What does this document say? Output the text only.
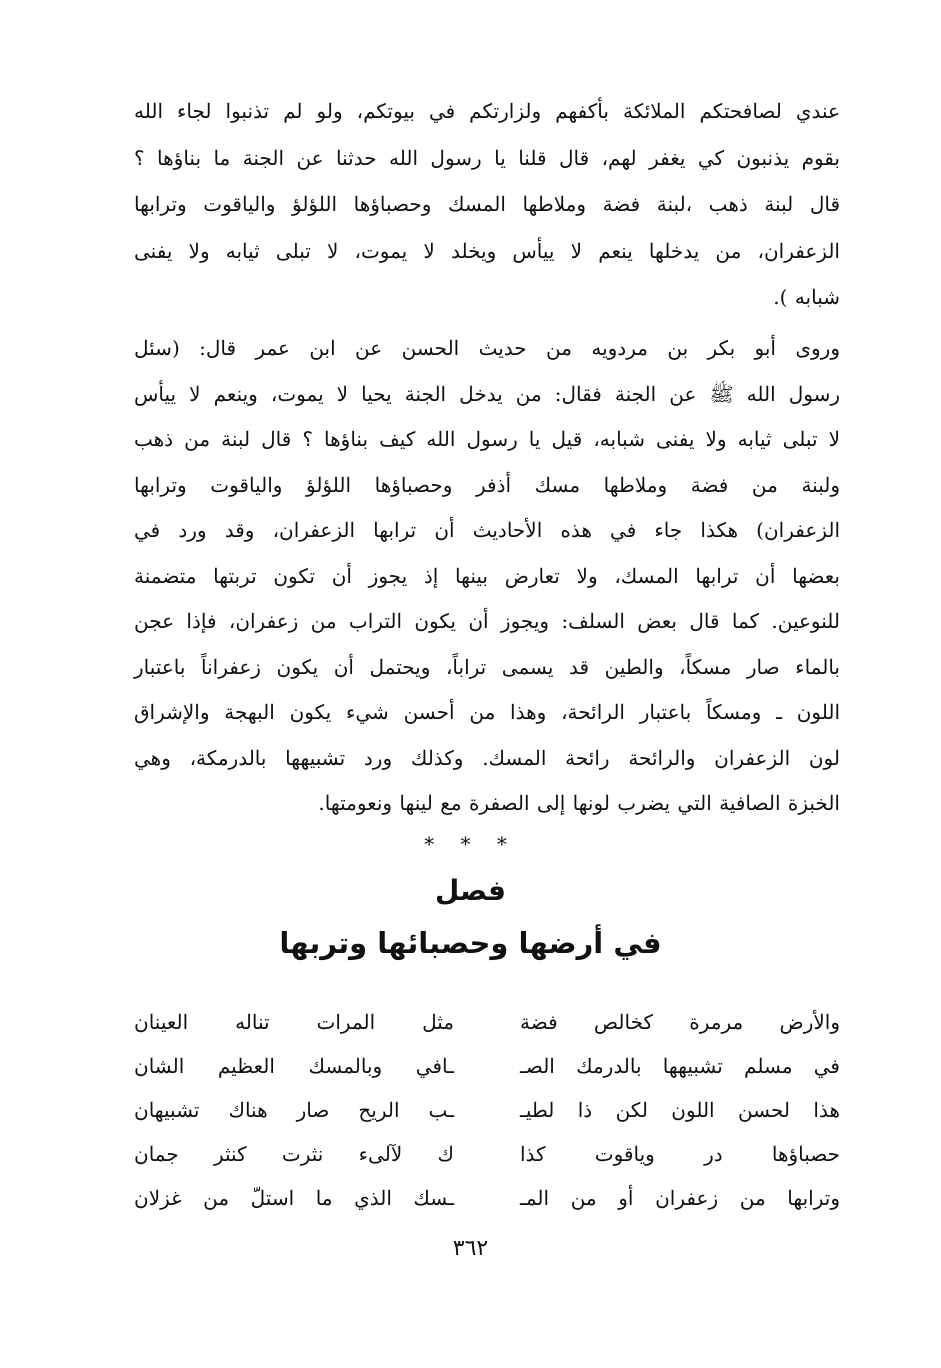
عندي لصافحتكم الملائكة بأكفهم ولزارتكم في بيوتكم، ولو لم تذنبوا لجاء الله
بقوم يذنبون كي يغفر لهم، قال قلنا يا رسول الله حدثنا عن الجنة ما بناؤها ؟
قال لبنة ذهب ،لبنة فضة وملاطها المسك وحصباؤها اللؤلؤ والياقوت وترابها
الزعفران، من يدخلها ينعم لا ييأس ويخلد لا يموت، لا تبلى ثيابه ولا يفنى
شبابه ).
وروى أبو بكر بن مردويه من حديث الحسن عن ابن عمر قال: (سئل
رسول الله ﷺ عن الجنة فقال: من يدخل الجنة يحيا لا يموت، وينعم لا ييأس
لا تبلى ثيابه ولا يفنى شبابه، قيل يا رسول الله كيف بناؤها ؟ قال لبنة من ذهب
ولبنة من فضة وملاطها مسك أذفر وحصباؤها اللؤلؤ والياقوت وترابها
الزعفران) هكذا جاء في هذه الأحاديث أن ترابها الزعفران، وقد ورد في
بعضها أن ترابها المسك، ولا تعارض بينها إذ يجوز أن تكون تربتها متضمنة
للنوعين. كما قال بعض السلف: ويجوز أن يكون التراب من زعفران، فإذا عجن
بالماء صار مسكاً، والطين قد يسمى تراباً، ويحتمل أن يكون زعفراناً باعتبار
اللون ـ ومسكاً باعتبار الرائحة، وهذا من أحسن شيء يكون البهجة والإشراق
لون الزعفران والرائحة رائحة المسك. وكذلك ورد تشبيهها بالدرمكة، وهي
الخبزة الصافية التي يضرب لونها إلى الصفرة مع لينها ونعومتها.
* * *
فصل
في أرضها وحصبائها وتربها
والأرض مرمرة كخالص فضة
مثل المرات تناله العينان
في مسلم تشبيهها بالدرمك الصـ
ـافي وبالمسك العظيم الشان
هذا لحسن اللون لكن ذا لطيـ
ـب الريح صار هناك تشبيهان
حصباؤها در وياقوت كذا
ك لآلىء نثرت كنثر جمان
وترابها من زعفران أو من المـ
ـسك الذي ما استلّ من غزلان
٣٦٢
